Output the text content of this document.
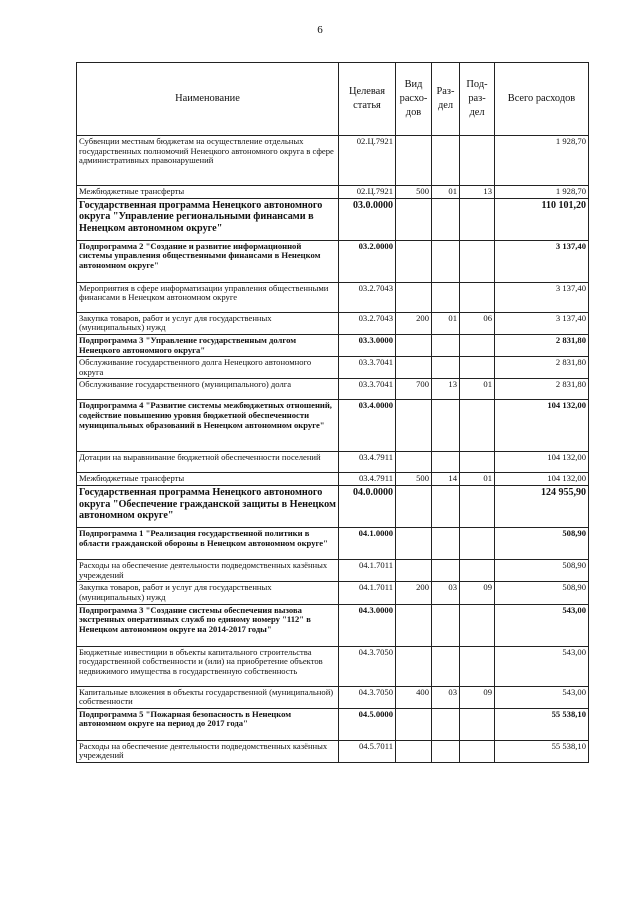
6
Наименование	Целевая статья	Вид расхо-дов	Раз-дел	Под-раз-дел	Всего расходов
Субвенции местным бюджетам на осуществление отдельных государственных полномочий Ненецкого автономного округа в сфере административных правонарушений	02.Ц.7921				1 928,70
Межбюджетные трансферты	02.Ц.7921	500	01	13	1 928,70
Государственная программа Ненецкого автономного округа "Управление региональными финансами в Ненецком автономном округе"	03.0.0000				110 101,20
Подпрограмма 2 "Создание и развитие информационной системы управления общественными финансами в Ненецком автономном округе"	03.2.0000				3 137,40
Мероприятия в сфере информатизации управления общественными финансами в Ненецком автономном округе	03.2.7043				3 137,40
Закупка товаров, работ и услуг для государственных (муниципальных) нужд	03.2.7043	200	01	06	3 137,40
Подпрограмма 3 "Управление государственным долгом Ненецкого автономного округа"	03.3.0000				2 831,80
Обслуживание государственного долга Ненецкого автономного округа	03.3.7041				2 831,80
Обслуживание государственного (муниципального) долга	03.3.7041	700	13	01	2 831,80
Подпрограмма 4 "Развитие системы межбюджетных отношений, содействие повышению уровня бюджетной обеспеченности муниципальных образований в Ненецком автономном округе"	03.4.0000				104 132,00
Дотации на выравнивание бюджетной обеспеченности поселений	03.4.7911				104 132,00
Межбюджетные трансферты	03.4.7911	500	14	01	104 132,00
Государственная программа Ненецкого автономного округа "Обеспечение гражданской защиты в Ненецком автономном округе"	04.0.0000				124 955,90
Подпрограмма 1 "Реализация государственной политики в области гражданской обороны в Ненецком автономном округе"	04.1.0000				508,90
Расходы на обеспечение деятельности подведомственных казённых учреждений	04.1.7011				508,90
Закупка товаров, работ и услуг для государственных (муниципальных) нужд	04.1.7011	200	03	09	508,90
Подпрограмма 3 "Создание системы обеспечения вызова экстренных оперативных служб по единому номеру "112" в Ненецком автономном округе на 2014-2017 годы"	04.3.0000				543,00
Бюджетные инвестиции в объекты капитального строительства государственной собственности и (или) на приобретение объектов недвижимого имущества в государственную собственность	04.3.7050				543,00
Капитальные вложения в объекты государственной (муниципальной) собственности	04.3.7050	400	03	09	543,00
Подпрограмма 5 "Пожарная безопасность в Ненецком автономном округе на период до 2017 года"	04.5.0000				55 538,10
Расходы на обеспечение деятельности подведомственных казённых учреждений	04.5.7011				55 538,10
